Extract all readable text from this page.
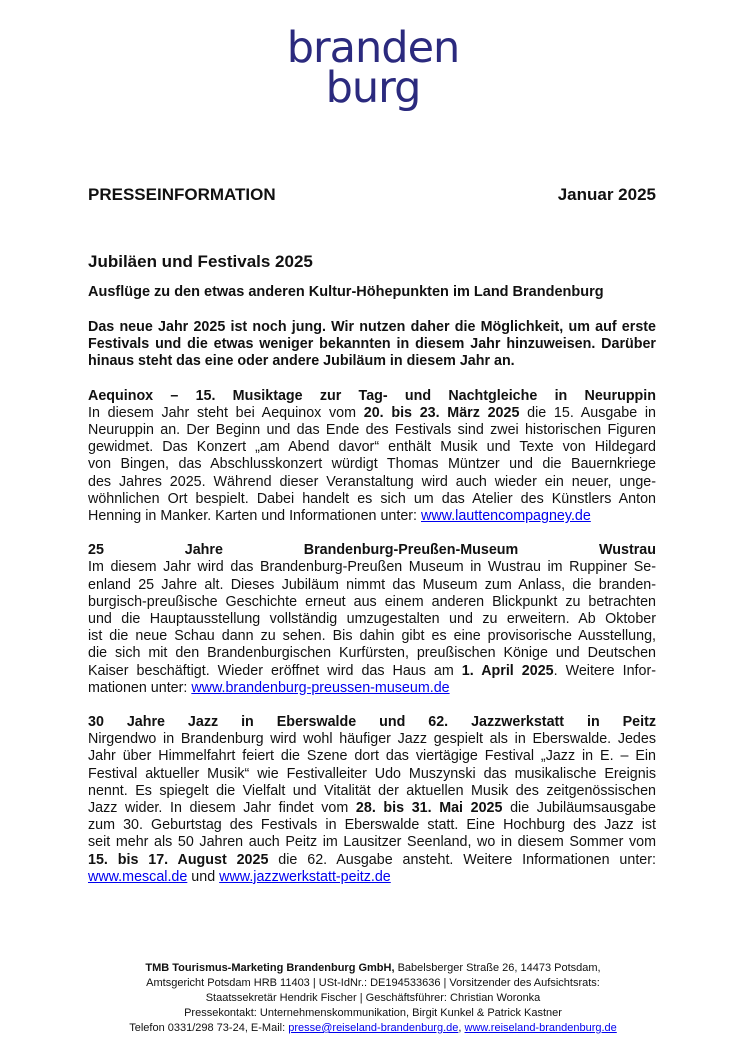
branden
burg
PRESSEINFORMATION	Januar 2025
Jubiläen und Festivals 2025
Ausflüge zu den etwas anderen Kultur-Höhepunkten im Land Brandenburg
Das neue Jahr 2025 ist noch jung. Wir nutzen daher die Möglichkeit, um auf erste
Festivals und die etwas weniger bekannten in diesem Jahr hinzuweisen. Darüber
hinaus steht das eine oder andere Jubiläum in diesem Jahr an.
Aequinox – 15. Musiktage zur Tag- und Nachtgleiche in Neuruppin
In diesem Jahr steht bei Aequinox vom 20. bis 23. März 2025 die 15. Ausgabe in
Neuruppin an. Der Beginn und das Ende des Festivals sind zwei historischen Figuren
gewidmet. Das Konzert „am Abend davor“ enthält Musik und Texte von Hildegard
von Bingen, das Abschlusskonzert würdigt Thomas Müntzer und die Bauernkriege
des Jahres 2025. Während dieser Veranstaltung wird auch wieder ein neuer, unge-
wöhnlichen Ort bespielt. Dabei handelt es sich um das Atelier des Künstlers Anton
Henning in Manker. Karten und Informationen unter: www.lauttencompagney.de
25 Jahre Brandenburg-Preußen-Museum Wustrau
Im diesem Jahr wird das Brandenburg-Preußen Museum in Wustrau im Ruppiner Se-
enland 25 Jahre alt. Dieses Jubiläum nimmt das Museum zum Anlass, die branden-
burgisch-preußische Geschichte erneut aus einem anderen Blickpunkt zu betrachten
und die Hauptausstellung vollständig umzugestalten und zu erweitern. Ab Oktober
ist die neue Schau dann zu sehen. Bis dahin gibt es eine provisorische Ausstellung,
die sich mit den Brandenburgischen Kurfürsten, preußischen Könige und Deutschen
Kaiser beschäftigt. Wieder eröffnet wird das Haus am 1. April 2025. Weitere Infor-
mationen unter: www.brandenburg-preussen-museum.de
30 Jahre Jazz in Eberswalde und 62. Jazzwerkstatt in Peitz
Nirgendwo in Brandenburg wird wohl häufiger Jazz gespielt als in Eberswalde. Jedes
Jahr über Himmelfahrt feiert die Szene dort das viertägige Festival „Jazz in E. – Ein
Festival aktueller Musik“ wie Festivalleiter Udo Muszynski das musikalische Ereignis
nennt. Es spiegelt die Vielfalt und Vitalität der aktuellen Musik des zeitgenössischen
Jazz wider. In diesem Jahr findet vom 28. bis 31. Mai 2025 die Jubiläumsausgabe
zum 30. Geburtstag des Festivals in Eberswalde statt. Eine Hochburg des Jazz ist
seit mehr als 50 Jahren auch Peitz im Lausitzer Seenland, wo in diesem Sommer vom
15. bis 17. August 2025 die 62. Ausgabe ansteht. Weitere Informationen unter:
www.mescal.de und www.jazzwerkstatt-peitz.de
TMB Tourismus-Marketing Brandenburg GmbH, Babelsberger Straße 26, 14473 Potsdam,
Amtsgericht Potsdam HRB 11403 | USt-IdNr.: DE194533636 | Vorsitzender des Aufsichtsrats:
Staatssekretär Hendrik Fischer | Geschäftsführer: Christian Woronka
Pressekontakt: Unternehmenskommunikation, Birgit Kunkel & Patrick Kastner
Telefon 0331/298 73-24, E-Mail: presse@reiseland-brandenburg.de, www.reiseland-brandenburg.de
